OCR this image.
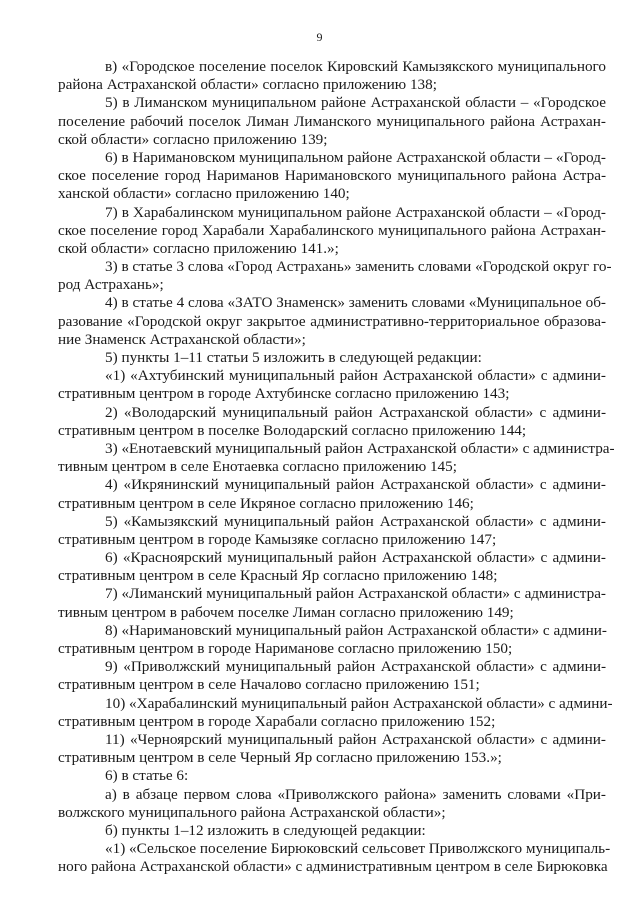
9
в) «Городское поселение поселок Кировский Камызякского муниципального
района Астраханской области» согласно приложению 138;
5) в Лиманском муниципальном районе Астраханской области – «Городское
поселение рабочий поселок Лиман Лиманского муниципального района Астрахан-
ской области» согласно приложению 139;
6) в Наримановском муниципальном районе Астраханской области – «Город-
ское поселение город Нариманов Наримановского муниципального района Астра-
ханской области» согласно приложению 140;
7) в Харабалинском муниципальном районе Астраханской области – «Город-
ское поселение город Харабали Харабалинского муниципального района Астрахан-
ской области» согласно приложению 141.»;
3) в статье 3 слова «Город Астрахань» заменить словами «Городской округ го-
род Астрахань»;
4) в статье 4 слова «ЗАТО Знаменск» заменить словами «Муниципальное об-
разование «Городской округ закрытое административно-территориальное образова-
ние Знаменск Астраханской области»;
5) пункты 1–11 статьи 5 изложить в следующей редакции:
«1) «Ахтубинский муниципальный район Астраханской области» с админи-
стративным центром в городе Ахтубинске согласно приложению 143;
2) «Володарский муниципальный район Астраханской области» с админи-
стративным центром в поселке Володарский согласно приложению 144;
3) «Енотаевский муниципальный район Астраханской области» с администра-
тивным центром в селе Енотаевка согласно приложению 145;
4) «Икрянинский муниципальный район Астраханской области» с админи-
стративным центром в селе Икряное согласно приложению 146;
5) «Камызякский муниципальный район Астраханской области» с админи-
стративным центром в городе Камызяке согласно приложению 147;
6) «Красноярский муниципальный район Астраханской области» с админи-
стративным центром в селе Красный Яр согласно приложению 148;
7) «Лиманский муниципальный район Астраханской области» с администра-
тивным центром в рабочем поселке Лиман согласно приложению 149;
8) «Наримановский муниципальный район Астраханской области» с админи-
стративным центром в городе Нариманове согласно приложению 150;
9) «Приволжский муниципальный район Астраханской области» с админи-
стративным центром в селе Началово согласно приложению 151;
10) «Харабалинский муниципальный район Астраханской области» с админи-
стративным центром в городе Харабали согласно приложению 152;
11) «Черноярский муниципальный район Астраханской области» с админи-
стративным центром в селе Черный Яр согласно приложению 153.»;
6) в статье 6:
а) в абзаце первом слова «Приволжского района» заменить словами «При-
волжского муниципального района Астраханской области»;
б) пункты 1–12 изложить в следующей редакции:
«1) «Сельское поселение Бирюковский сельсовет Приволжского муниципаль-
ного района Астраханской области» с административным центром в селе Бирюковка
